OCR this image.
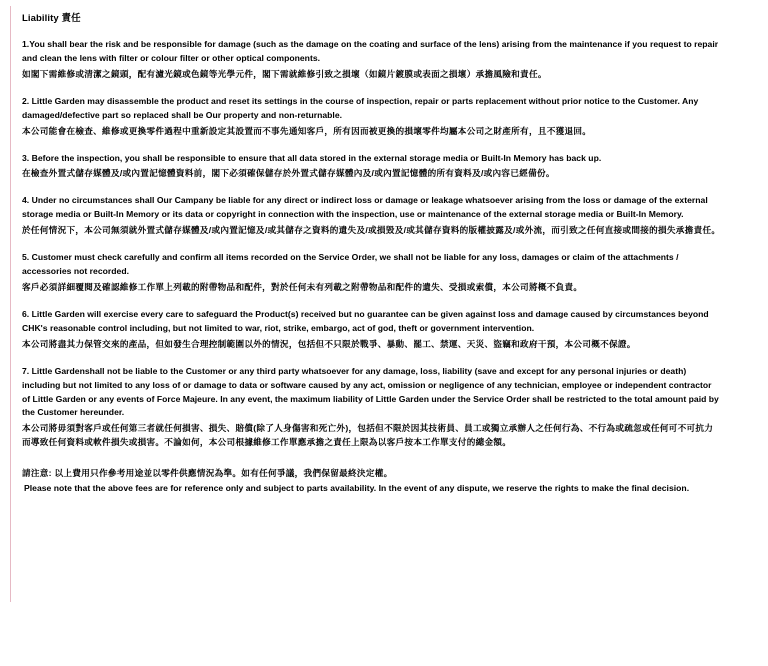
Liability 責任

1.You shall bear the risk and be responsible for damage (such as the damage on the coating and surface of the lens) arising from the maintenance if you request to repair and clean the lens with filter or colour filter or other optical components.

如閣下需維修或清潔之鏡頭，配有濾光鏡或色鏡等光學元件，閣下需就維修引致之損壞（如鏡片鍍膜或表面之損壞）承擔風險和責任。

2. Little Garden may disassemble the product and reset its settings in the course of inspection, repair or parts replacement without prior notice to the Customer. Any damaged/defective part so replaced shall be Our property and non-returnable.

本公司能會在檢查、維修或更換零件過程中重新設定其設置而不事先通知客戶，所有因而被更換的損壞零件均屬本公司之財產所有，且不獲退回。

3. Before the inspection, you shall be responsible to ensure that all data stored in the external storage media or Built-In Memory has back up.

在檢查外置式儲存媒體及/或內置記憶體資料前，閣下必須確保儲存於外置式儲存媒體內及/或內置記憶體的所有資料及/或內容已經備份。

4. Under no circumstances shall Our Campany be liable for any direct or indirect loss or damage or leakage whatsoever arising from the loss or damage of the external storage media or Built-In Memory or its data or copyright in connection with the inspection, use or maintenance of the external storage media or Built-In Memory.

於任何情況下，本公司無須就外置式儲存媒體及/或內置記憶及/或其儲存之資料的遺失及/或損毀及/或其儲存資料的版權披露及/或外流，而引致之任何直接或間接的損失承擔責任。

5. Customer must check carefully and confirm all items recorded on the Service Order, we shall not be liable for any loss, damages or claim of the attachments / accessories not recorded.

客戶必須詳細覆閱及確認維修工作單上列載的附帶物品和配件，對於任何未有列載之附帶物品和配件的遺失、受損或索償，本公司將概不負責。

6. Little Garden will exercise every care to safeguard the Product(s) received but no guarantee can be given against loss and damage caused by circumstances beyond CHK's reasonable control including, but not limited to war, riot, strike, embargo, act of god, theft or government intervention.

本公司將盡其力保管交來的產品，但如發生合理控制範圍以外的情況，包括但不只限於戰爭、暴動、罷工、禁運、天災、盜竊和政府干預，本公司概不保證。

7. Little Gardenshall not be liable to the Customer or any third party whatsoever for any damage, loss, liability (save and except for any personal injuries or death) including but not limited to any loss of or damage to data or software caused by any act, omission or negligence of any technician, employee or independent contractor of Little Garden or any events of Force Majeure. In any event, the maximum liability of Little Garden under the Service Order shall be restricted to the total amount paid by the Customer hereunder.

本公司將毋須對客戶或任何第三者就任何損害、損失、賠償(除了人身傷害和死亡外)，包括但不限於因其技術員、員工或獨立承辦人之任何行為、不行為或疏忽或任何可不可抗力而導致任何資料或軟件損失或損害。不論如何，本公司根據維修工作單應承擔之責任上限為以客戶按本工作單支付的總金額。

請注意: 以上費用只作參考用途並以零件供應情況為準。如有任何爭議，我們保留最終決定權。

Please note that the above fees are for reference only and subject to parts availability. In the event of any dispute, we reserve the rights to make the final decision.
